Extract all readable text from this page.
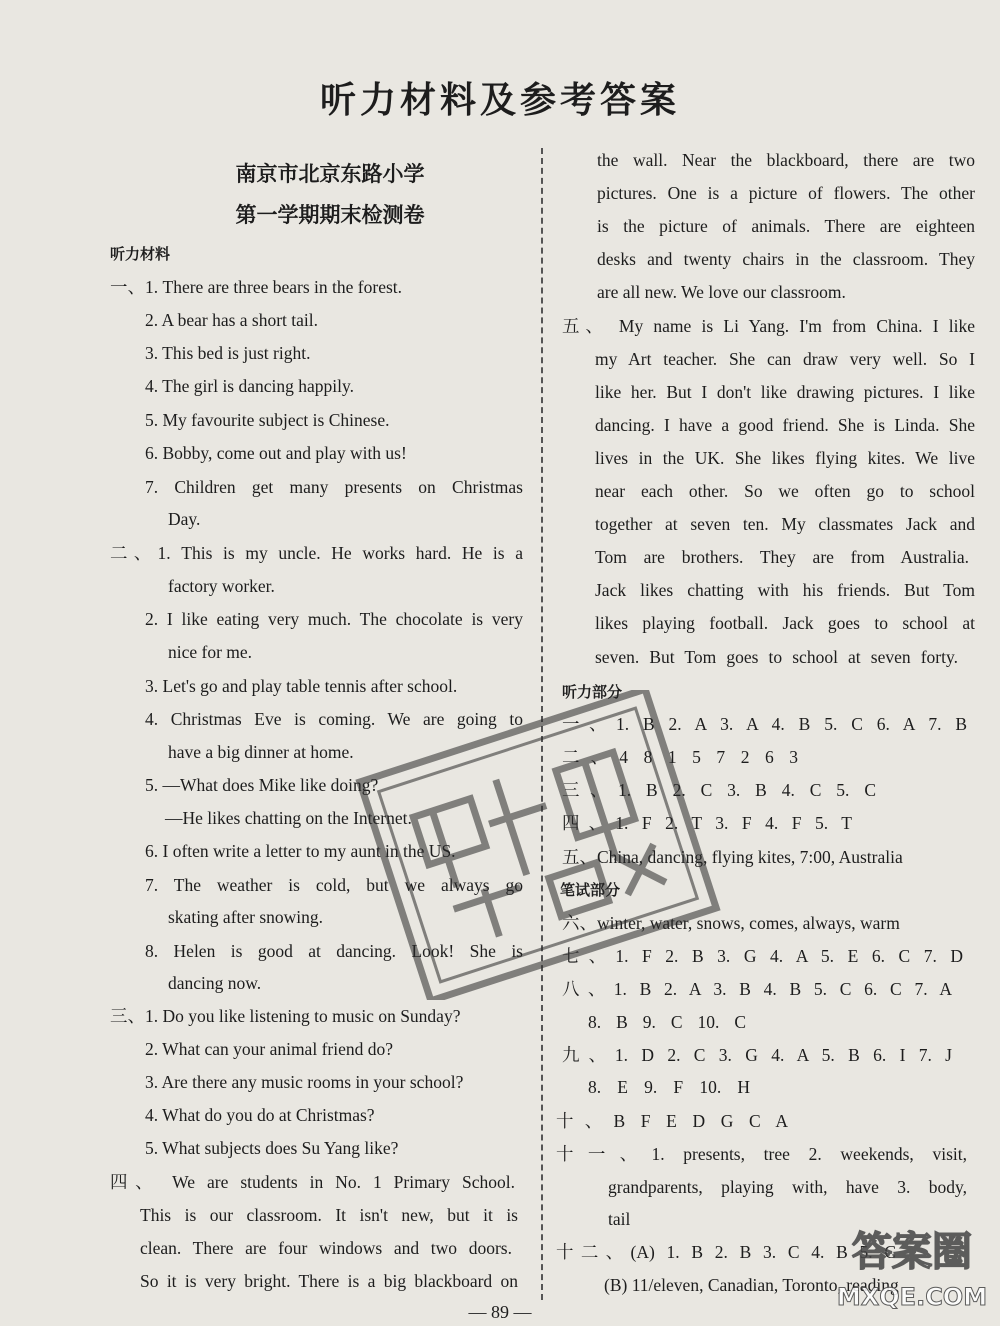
听力材料及参考答案
南京市北京东路小学
第一学期期末检测卷
听力材料
一、1. There are three bears in the forest.
2. A bear has a short tail.
3. This bed is just right.
4. The girl is dancing happily.
5. My favourite subject is Chinese.
6. Bobby, come out and play with us!
7. Children get many presents on Christmas
Day.
二、1. This is my uncle. He works hard. He is a
factory worker.
2. I like eating very much. The chocolate is very
nice for me.
3. Let's go and play table tennis after school.
4. Christmas Eve is coming. We are going to
have a big dinner at home.
5. —What does Mike like doing?
—He likes chatting on the Internet.
6. I often write a letter to my aunt in the US.
7. The weather is cold, but we always go
skating after snowing.
8. Helen is good at dancing. Look! She is
dancing now.
三、1. Do you like listening to music on Sunday?
2. What can your animal friend do?
3. Are there any music rooms in your school?
4. What do you do at Christmas?
5. What subjects does Su Yang like?
四、 We are students in No. 1 Primary School.
This is our classroom. It isn't new, but it is
clean. There are four windows and two doors.
So it is very bright. There is a big blackboard on
the wall. Near the blackboard, there are two
pictures. One is a picture of flowers. The other
is the picture of animals. There are eighteen
desks and twenty chairs in the classroom. They
are all new. We love our classroom.
五、 My name is Li Yang. I'm from China. I like
my Art teacher. She can draw very well. So I
like her. But I don't like drawing pictures. I like
dancing. I have a good friend. She is Linda. She
lives in the UK. She likes flying kites. We live
near each other. So we often go to school
together at seven ten. My classmates Jack and
Tom are brothers. They are from Australia.
Jack likes chatting with his friends. But Tom
likes playing football. Jack goes to school at
seven. But Tom goes to school at seven forty.
听力部分
一、1. B 2. A 3. A 4. B 5. C 6. A 7. B
二、4 8 1 5 7 2 6 3
三、1. B 2. C 3. B 4. C 5. C
四、1. F 2. T 3. F 4. F 5. T
五、China, dancing, flying kites, 7:00, Australia
笔试部分
六、winter, water, snows, comes, always, warm
七、1. F 2. B 3. G 4. A 5. E 6. C 7. D
八、1. B 2. A 3. B 4. B 5. C 6. C 7. A
8. B 9. C 10. C
九、1. D 2. C 3. G 4. A 5. B 6. I 7. J
8. E 9. F 10. H
十、B F E D G C A
十一、1. presents, tree 2. weekends, visit,
grandparents, playing with, have 3. body,
tail
十二、(A) 1. B 2. B 3. C 4. B 5. C
(B) 11/eleven, Canadian, Toronto, reading
— 89 —
答案圈
MXQE.COM
